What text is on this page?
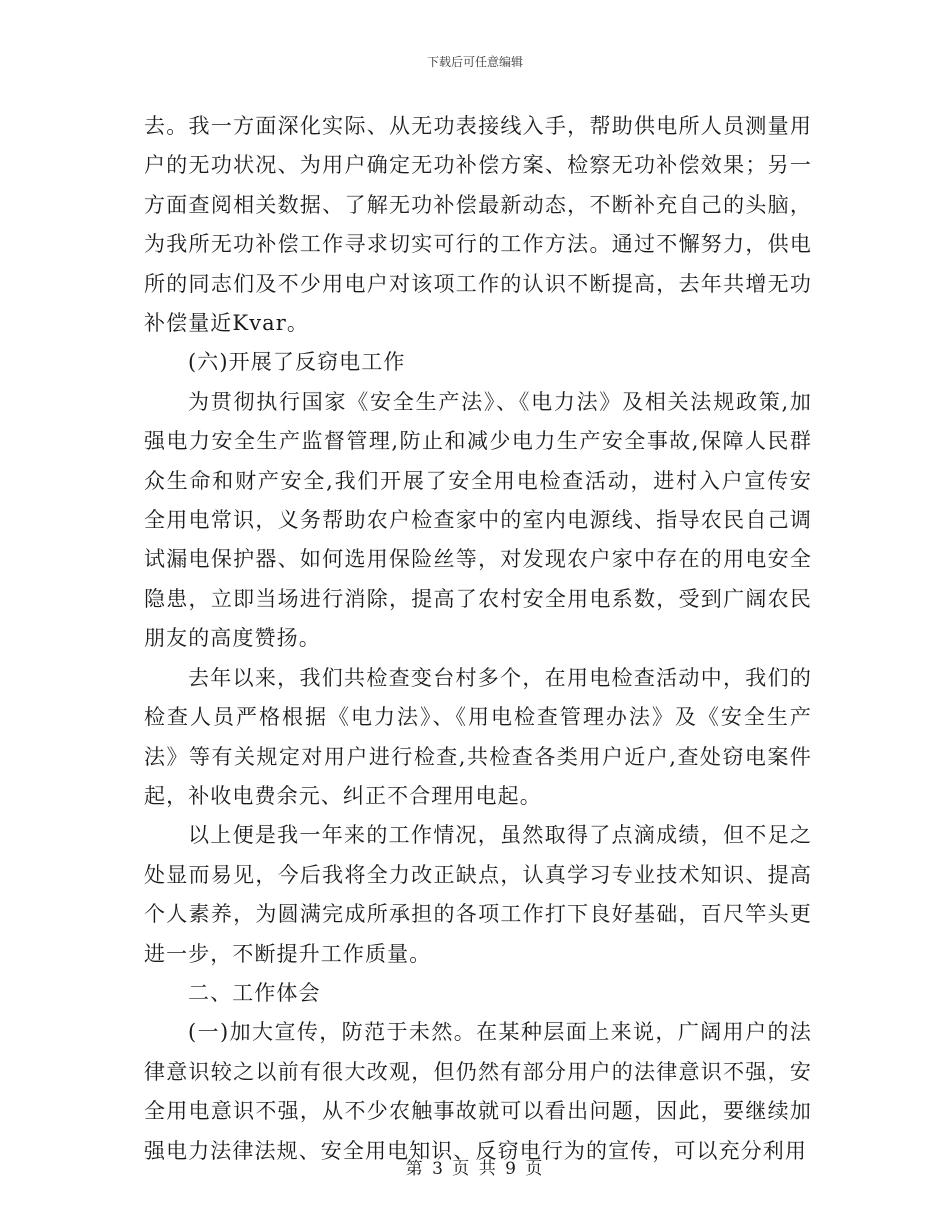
下载后可任意编辑

去。我一方面深化实际、从无功表接线入手，帮助供电所人员测量用户的无功状况、为用户确定无功补偿方案、检察无功补偿效果；另一方面查阅相关数据、了解无功补偿最新动态，不断补充自己的头脑，为我所无功补偿工作寻求切实可行的工作方法。通过不懈努力，供电所的同志们及不少用电户对该项工作的认识不断提高，去年共增无功补偿量近Kvar。

(六)开展了反窃电工作

为贯彻执行国家《安全生产法》、《电力法》及相关法规政策,加强电力安全生产监督管理,防止和减少电力生产安全事故,保障人民群众生命和财产安全,我们开展了安全用电检查活动，进村入户宣传安全用电常识，义务帮助农户检查家中的室内电源线、指导农民自己调试漏电保护器、如何选用保险丝等，对发现农户家中存在的用电安全隐患，立即当场进行消除，提高了农村安全用电系数，受到广阔农民朋友的高度赞扬。

去年以来，我们共检查变台村多个，在用电检查活动中，我们的检查人员严格根据《电力法》、《用电检查管理办法》及《安全生产法》等有关规定对用户进行检查,共检查各类用户近户,查处窃电案件起，补收电费余元、纠正不合理用电起。

以上便是我一年来的工作情况，虽然取得了点滴成绩，但不足之处显而易见，今后我将全力改正缺点，认真学习专业技术知识、提高个人素养，为圆满完成所承担的各项工作打下良好基础，百尺竿头更进一步，不断提升工作质量。

二、工作体会

(一)加大宣传，防范于未然。在某种层面上来说，广阔用户的法律意识较之以前有很大改观，但仍然有部分用户的法律意识不强，安全用电意识不强，从不少农触事故就可以看出问题，因此，要继续加强电力法律法规、安全用电知识、反窃电行为的宣传，可以充分利用

第 3 页 共 9 页
